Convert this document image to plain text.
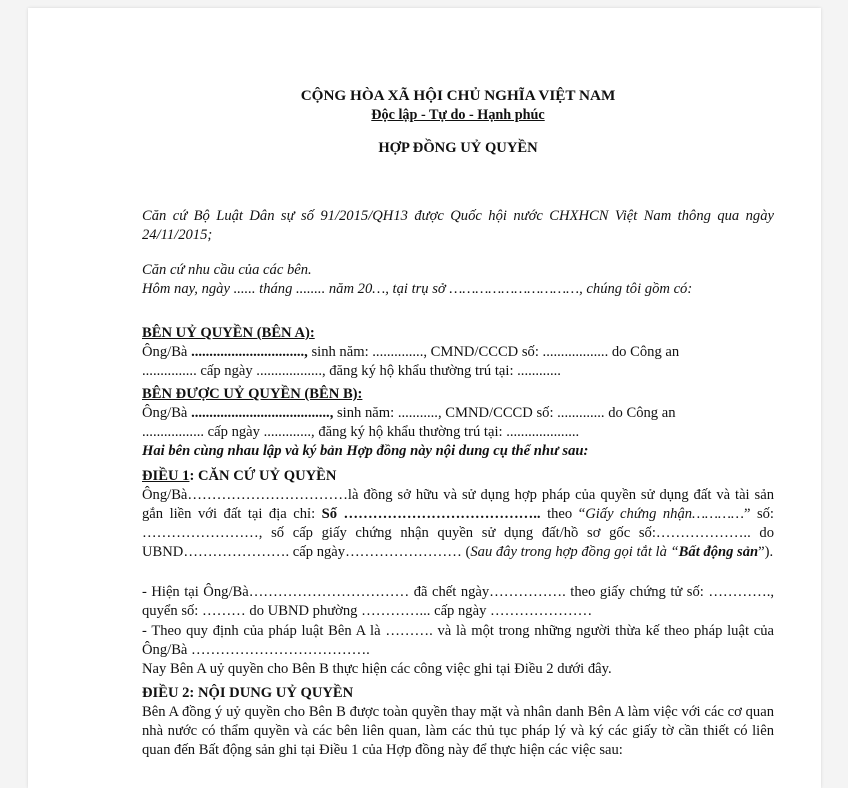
CỘNG HÒA XÃ HỘI CHỦ NGHĨA VIỆT NAM
Độc lập - Tự do - Hạnh phúc
HỢP ĐỒNG UỶ QUYỀN
Căn cứ Bộ Luật Dân sự số 91/2015/QH13 được Quốc hội nước CHXHCN Việt Nam thông qua ngày 24/11/2015;
Căn cứ nhu cầu của các bên.
Hôm nay, ngày ...... tháng ........ năm 20…, tại trụ sở …………………………, chúng tôi gồm có:
BÊN UỶ QUYỀN (BÊN A):
Ông/Bà ..............................., sinh năm: .............., CMND/CCCD số: .................. do Công an
............... cấp ngày .................., đăng ký hộ khẩu thường trú tại: ............
BÊN ĐƯỢC UỶ QUYỀN (BÊN B):
Ông/Bà ......................................, sinh năm: ..........., CMND/CCCD số: ............. do Công an
................. cấp ngày ............., đăng ký hộ khẩu thường trú tại: ....................
Hai bên cùng nhau lập và ký bản Hợp đồng này nội dung cụ thể như sau:
ĐIỀU 1: CĂN CỨ UỶ QUYỀN
Ông/Bà……………………………là đồng sở hữu và sử dụng hợp pháp của quyền sử dụng đất và tài sản gắn liền với đất tại địa chỉ: Số ………………………………….. theo “Giấy chứng nhận…………” số: ……………………, số cấp giấy chứng nhận quyền sử dụng đất/hồ sơ gốc số:……………….. do UBND…………………. cấp ngày…………………… (Sau đây trong hợp đồng gọi tắt là “Bất động sản”).
- Hiện tại Ông/Bà…………………………… đã chết ngày……………. theo giấy chứng tử số: …………., quyển số: ……… do UBND phường …………... cấp ngày …………………
- Theo quy định của pháp luật Bên A là ………. và là một trong những người thừa kế theo pháp luật của Ông/Bà ……………………………….
Nay Bên A uỷ quyền cho Bên B thực hiện các công việc ghi tại Điều 2 dưới đây.
ĐIỀU 2: NỘI DUNG UỶ QUYỀN
Bên A đồng ý uỷ quyền cho Bên B được toàn quyền thay mặt và nhân danh Bên A làm việc với các cơ quan nhà nước có thẩm quyền và các bên liên quan, làm các thủ tục pháp lý và ký các giấy tờ cần thiết có liên quan đến Bất động sản ghi tại Điều 1 của Hợp đồng này để thực hiện các việc sau:
